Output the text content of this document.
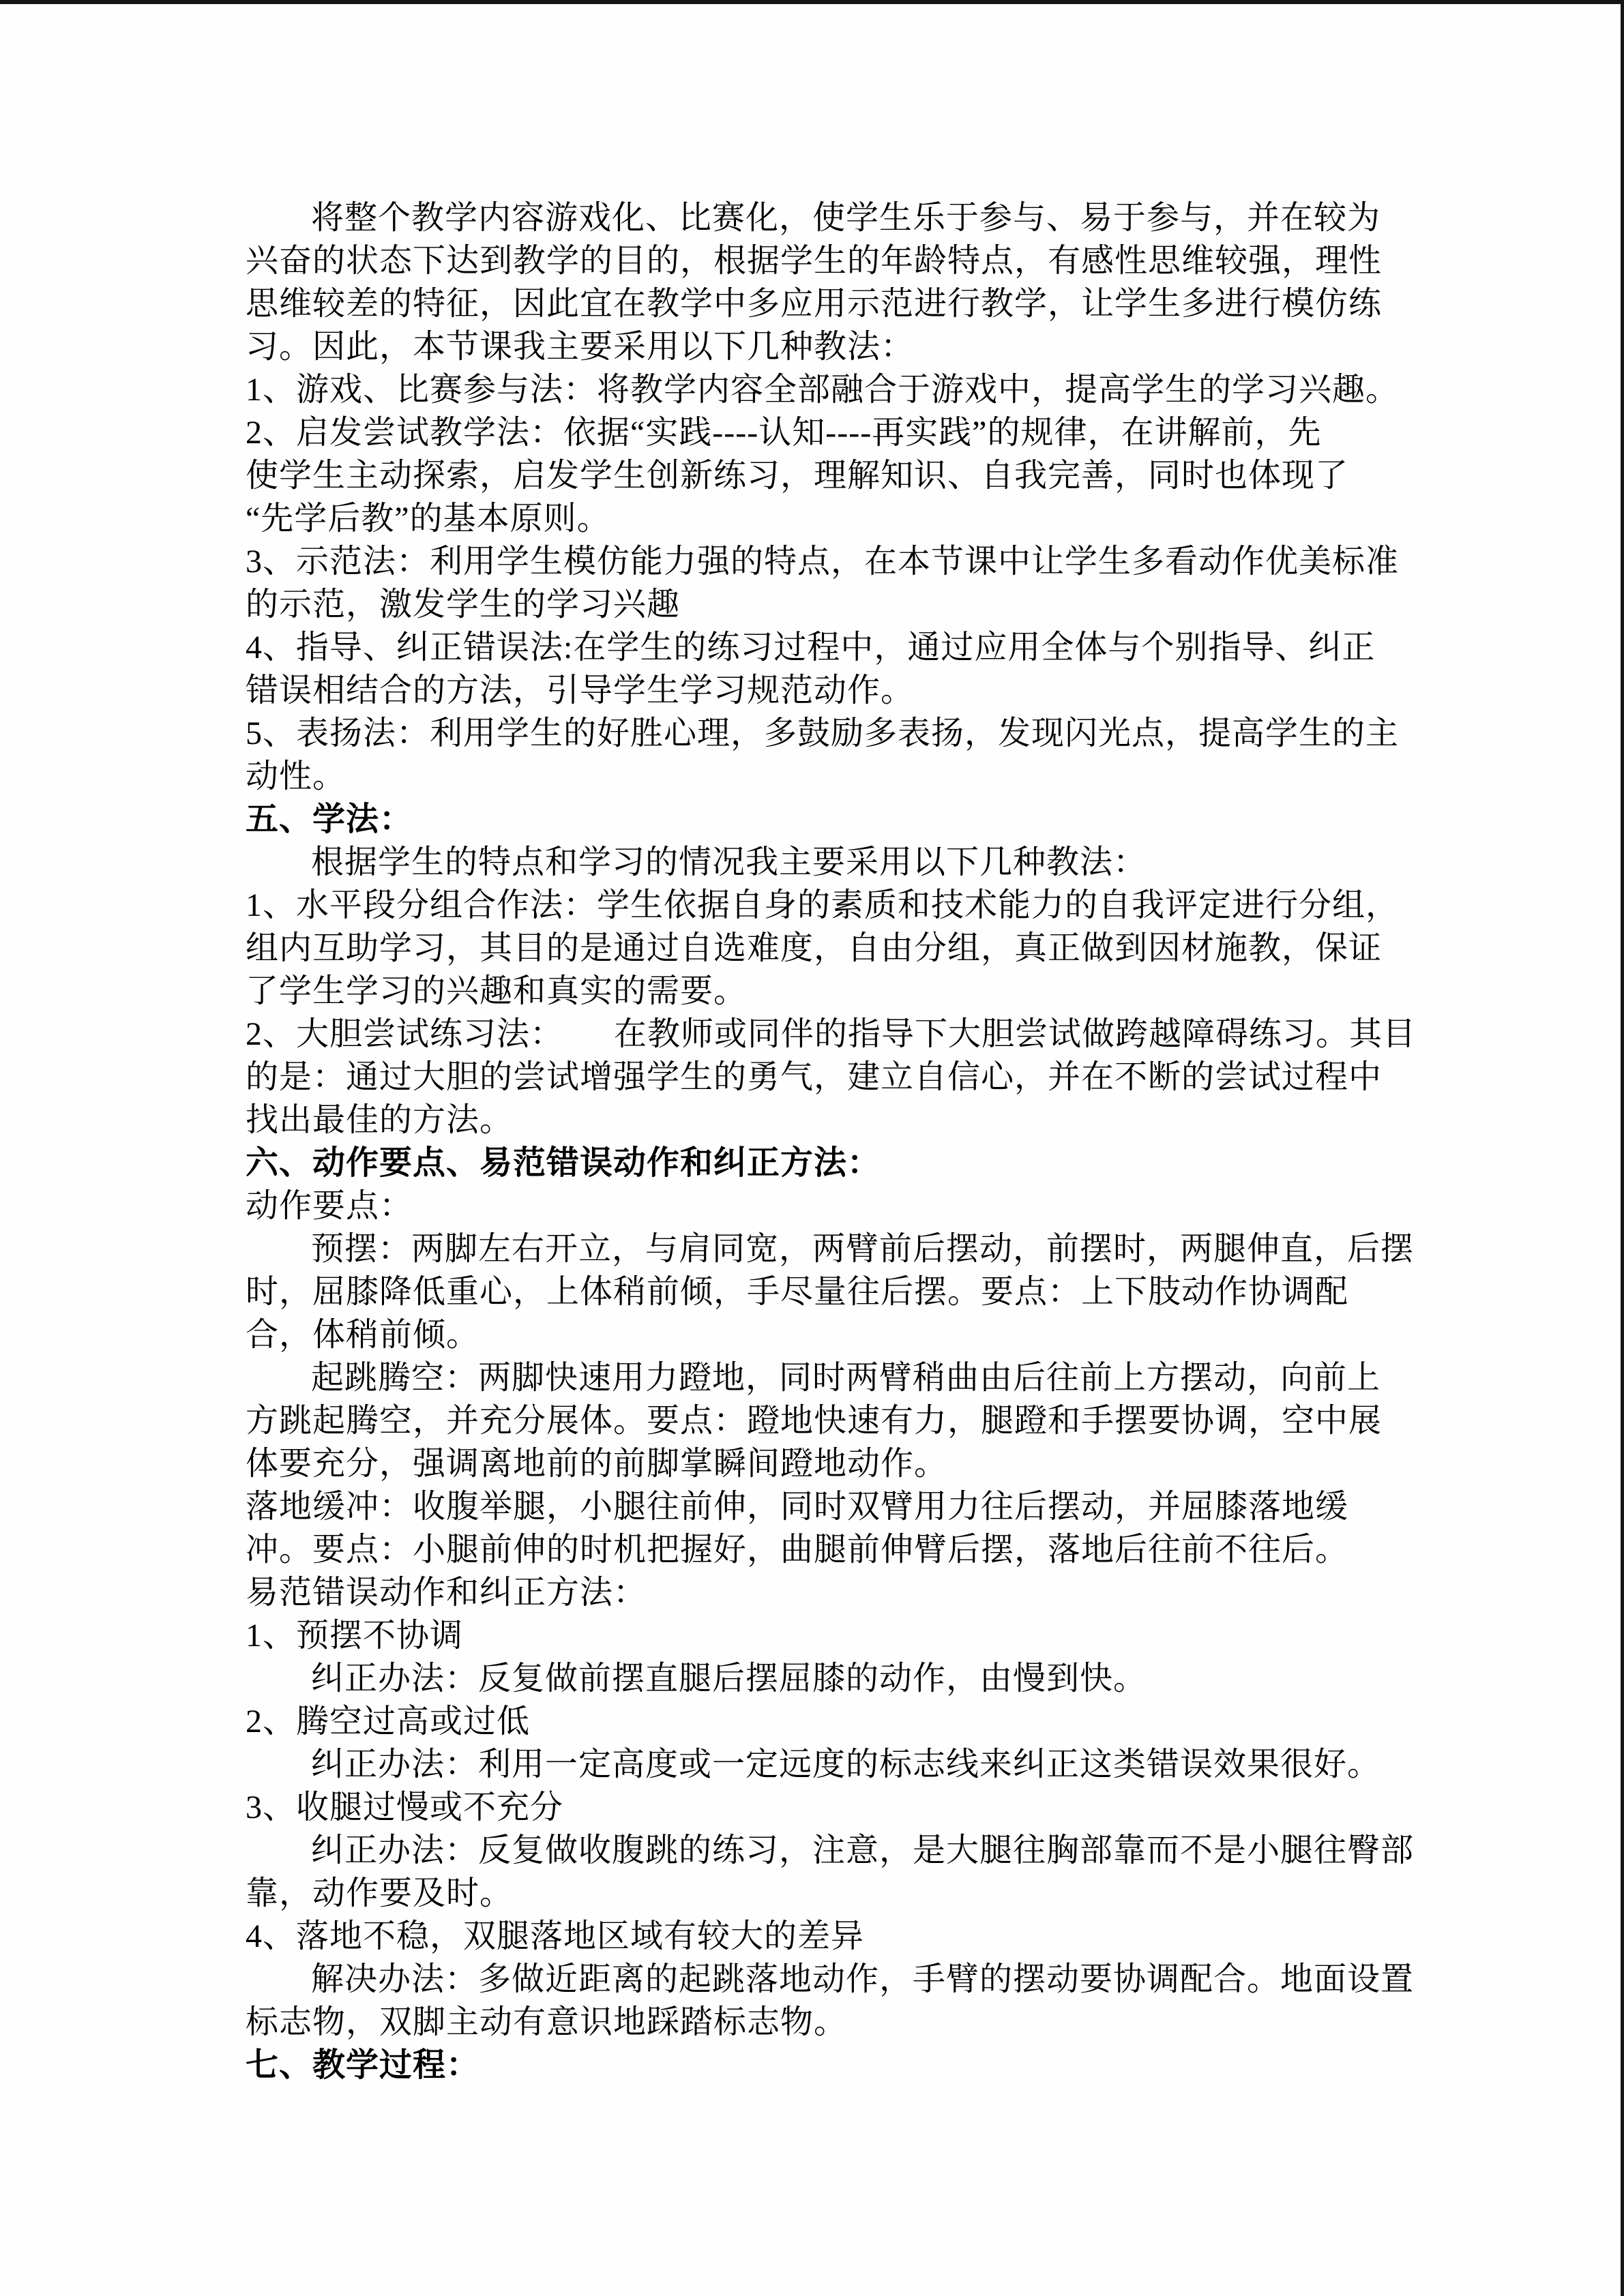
将整个教学内容游戏化、比赛化，使学生乐于参与、易于参与，并在较为
兴奋的状态下达到教学的目的，根据学生的年龄特点，有感性思维较强，理性
思维较差的特征，因此宜在教学中多应用示范进行教学，让学生多进行模仿练
习。因此，本节课我主要采用以下几种教法：
1、游戏、比赛参与法：将教学内容全部融合于游戏中，提高学生的学习兴趣。
2、启发尝试教学法：依据“实践----认知----再实践”的规律，在讲解前，先
使学生主动探索，启发学生创新练习，理解知识、自我完善，同时也体现了
“先学后教”的基本原则。
3、示范法：利用学生模仿能力强的特点，在本节课中让学生多看动作优美标准
的示范，激发学生的学习兴趣
4、指导、纠正错误法:在学生的练习过程中，通过应用全体与个别指导、纠正
错误相结合的方法，引导学生学习规范动作。
5、表扬法：利用学生的好胜心理，多鼓励多表扬，发现闪光点，提高学生的主
动性。
五、学法：
根据学生的特点和学习的情况我主要采用以下几种教法：
1、水平段分组合作法：学生依据自身的素质和技术能力的自我评定进行分组，
组内互助学习，其目的是通过自选难度，自由分组，真正做到因材施教，保证
了学生学习的兴趣和真实的需要。
2、大胆尝试练习法：　　在教师或同伴的指导下大胆尝试做跨越障碍练习。其目
的是：通过大胆的尝试增强学生的勇气，建立自信心，并在不断的尝试过程中
找出最佳的方法。
六、动作要点、易范错误动作和纠正方法：
动作要点：
预摆：两脚左右开立，与肩同宽，两臂前后摆动，前摆时，两腿伸直，后摆
时，屈膝降低重心，上体稍前倾，手尽量往后摆。要点：上下肢动作协调配
合，体稍前倾。
起跳腾空：两脚快速用力蹬地，同时两臂稍曲由后往前上方摆动，向前上
方跳起腾空，并充分展体。要点：蹬地快速有力，腿蹬和手摆要协调，空中展
体要充分，强调离地前的前脚掌瞬间蹬地动作。
落地缓冲：收腹举腿，小腿往前伸，同时双臂用力往后摆动，并屈膝落地缓
冲。要点：小腿前伸的时机把握好，曲腿前伸臂后摆，落地后往前不往后。
易范错误动作和纠正方法：
1、预摆不协调
纠正办法：反复做前摆直腿后摆屈膝的动作，由慢到快。
2、腾空过高或过低
纠正办法：利用一定高度或一定远度的标志线来纠正这类错误效果很好。
3、收腿过慢或不充分
纠正办法：反复做收腹跳的练习，注意，是大腿往胸部靠而不是小腿往臀部
靠，动作要及时。
4、落地不稳，双腿落地区域有较大的差异
解决办法：多做近距离的起跳落地动作，手臂的摆动要协调配合。地面设置
标志物，双脚主动有意识地踩踏标志物。
七、教学过程：
